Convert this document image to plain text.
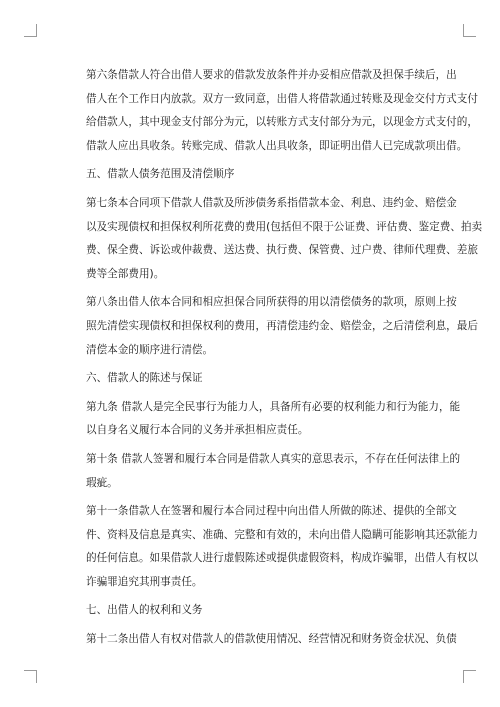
第六条借款人符合出借人要求的借款发放条件并办妥相应借款及担保手续后，出
借人在个工作日内放款。双方一致同意，出借人将借款通过转账及现金交付方式支付
给借款人，其中现金支付部分为元，以转账方式支付部分为元，以现金方式支付的，
借款人应出具收条。转账完成、借款人出具收条，即证明出借人已完成款项出借。
五、借款人债务范围及清偿顺序
第七条本合同项下借款人借款及所涉债务系指借款本金、利息、违约金、赔偿金
以及实现债权和担保权利所花费的费用(包括但不限于公证费、评估费、鉴定费、拍卖
费、保全费、诉讼或仲裁费、送达费、执行费、保管费、过户费、律师代理费、差旅
费等全部费用)。
第八条出借人依本合同和相应担保合同所获得的用以清偿债务的款项，原则上按
照先清偿实现债权和担保权利的费用，再清偿违约金、赔偿金，之后清偿利息，最后
清偿本金的顺序进行清偿。
六、借款人的陈述与保证
第九条 借款人是完全民事行为能力人，具备所有必要的权利能力和行为能力，能
以自身名义履行本合同的义务并承担相应责任。
第十条 借款人签署和履行本合同是借款人真实的意思表示，不存在任何法律上的
瑕疵。
第十一条借款人在签署和履行本合同过程中向出借人所做的陈述、提供的全部文
件、资料及信息是真实、准确、完整和有效的，未向出借人隐瞒可能影响其还款能力
的任何信息。如果借款人进行虚假陈述或提供虚假资料，构成诈骗罪，出借人有权以
诈骗罪追究其刑事责任。
七、出借人的权利和义务
第十二条出借人有权对借款人的借款使用情况、经营情况和财务资金状况、负债
